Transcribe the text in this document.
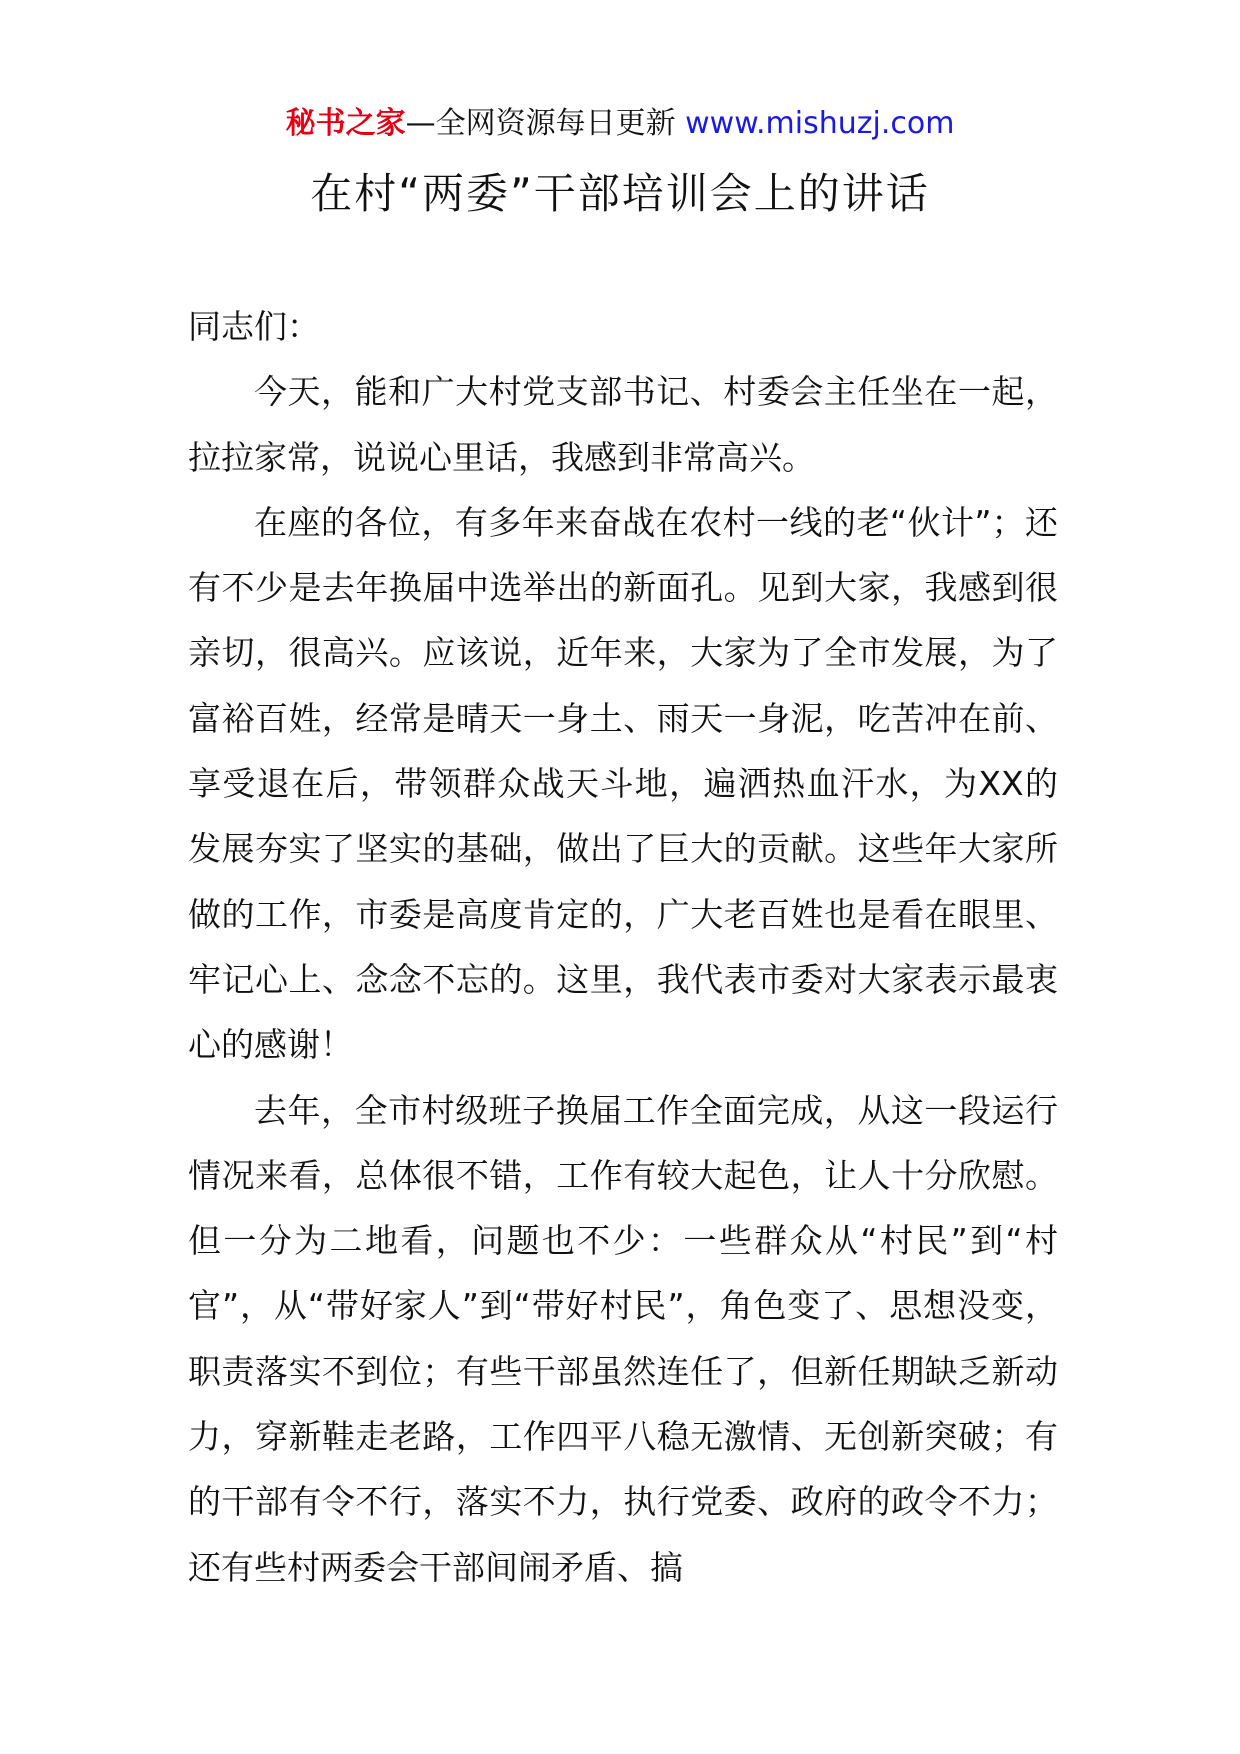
秘书之家—全网资源每日更新 www.mishuzj.com
在村“两委”干部培训会上的讲话

同志们：

今天，能和广大村党支部书记、村委会主任坐在一起，拉拉家常，说说心里话，我感到非常高兴。

在座的各位，有多年来奋战在农村一线的老“伙计”；还有不少是去年换届中选举出的新面孔。见到大家，我感到很亲切，很高兴。应该说，近年来，大家为了全市发展，为了富裕百姓，经常是晴天一身土、雨天一身泥，吃苦冲在前、享受退在后，带领群众战天斗地，遍洒热血汗水，为XX的发展夯实了坚实的基础，做出了巨大的贡献。这些年大家所做的工作，市委是高度肯定的，广大老百姓也是看在眼里、牢记心上、念念不忘的。这里，我代表市委对大家表示最衷心的感谢！

去年，全市村级班子换届工作全面完成，从这一段运行情况来看，总体很不错，工作有较大起色，让人十分欣慰。但一分为二地看，问题也不少：一些群众从“村民”到“村官”，从“带好家人”到“带好村民”，角色变了、思想没变，职责落实不到位；有些干部虽然连任了，但新任期缺乏新动力，穿新鞋走老路，工作四平八稳无激情、无创新突破；有的干部有令不行，落实不力，执行党委、政府的政令不力；还有些村两委会干部间闹矛盾、搞
